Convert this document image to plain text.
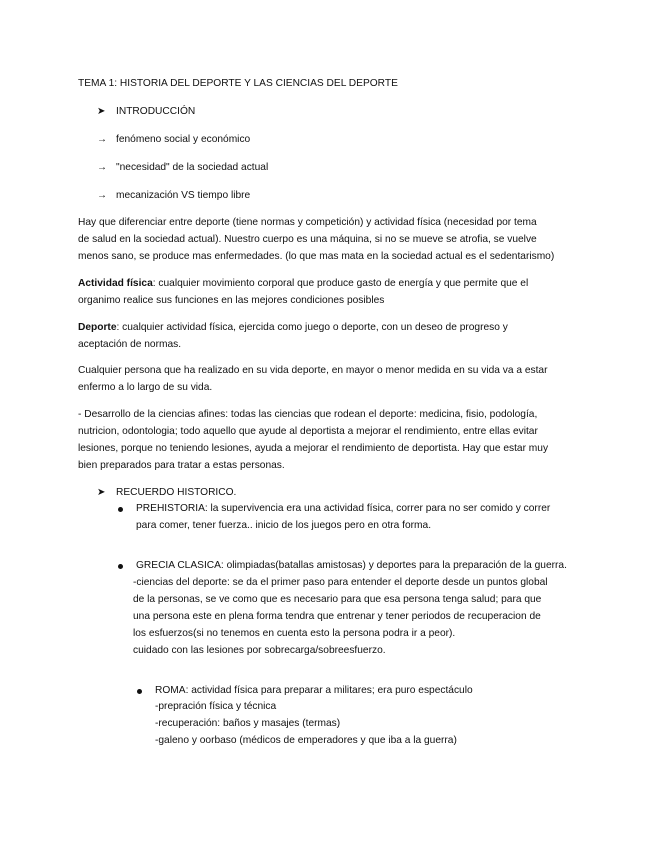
TEMA 1: HISTORIA DEL DEPORTE Y LAS CIENCIAS DEL DEPORTE
➤ INTRODUCCIÓN
→ fenómeno social y económico
→ "necesidad" de la sociedad actual
→ mecanización VS tiempo libre
Hay que diferenciar entre deporte (tiene normas y competición) y actividad física (necesidad por tema
de salud en la sociedad actual). Nuestro cuerpo es una máquina, si no se mueve se atrofia, se vuelve
menos sano, se produce mas enfermedades. (lo que mas mata en la sociedad actual es el sedentarismo)
Actividad física: cualquier movimiento corporal que produce gasto de energía y que permite que el
organimo realice sus funciones en las mejores condiciones posibles
Deporte: cualquier actividad física, ejercida como juego o deporte, con un deseo de progreso y
aceptación de normas.
Cualquier persona que ha realizado en su vida deporte, en mayor o menor medida en su vida va a estar
enfermo a lo largo de su vida.
- Desarrollo de la ciencias afines: todas las ciencias que rodean el deporte: medicina, fisio, podología,
nutricion, odontologia; todo aquello que ayude al deportista a mejorar el rendimiento, entre ellas evitar
lesiones, porque no teniendo lesiones, ayuda a mejorar el rendimiento de deportista. Hay que estar muy
bien preparados para tratar a estas personas.
➤ RECUERDO HISTORICO.
PREHISTORIA: la supervivencia era una actividad física, correr para no ser comido y correr
para comer, tener fuerza.. inicio de los juegos pero en otra forma.
GRECIA CLASICA: olimpiadas(batallas amistosas) y deportes para la preparación de la guerra.
-ciencias del deporte: se da el primer paso para entender el deporte desde un puntos global
de la personas, se ve como que es necesario para que esa persona tenga salud; para que
una persona este en plena forma tendra que entrenar y tener periodos de recuperacion de
los esfuerzos(si no tenemos en cuenta esto la persona podra ir a peor).
cuidado con las lesiones por sobrecarga/sobreesfuerzo.
ROMA: actividad física para preparar a militares; era puro espectáculo
-prepración física y técnica
-recuperación: baños y masajes (termas)
-galeno y oorbaso (médicos de emperadores y que iba a la guerra)
